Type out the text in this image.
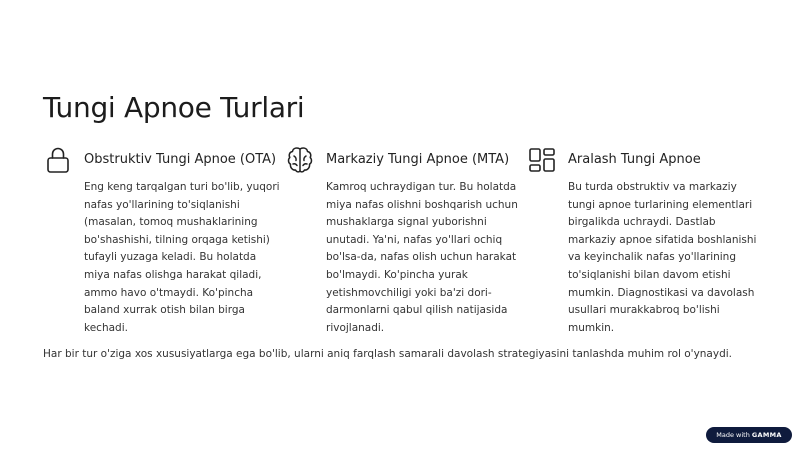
Tungi Apnoe Turlari
Obstruktiv Tungi Apnoe (OTA)
Eng keng tarqalgan turi bo'lib, yuqori nafas yo'llarining to'siqlanishi (masalan, tomoq mushaklarining bo'shashishi, tilning orqaga ketishi) tufayli yuzaga keladi. Bu holatda miya nafas olishga harakat qiladi, ammo havo o'tmaydi. Ko'pincha baland xurrak otish bilan birga kechadi.
Markaziy Tungi Apnoe (MTA)
Kamroq uchraydigan tur. Bu holatda miya nafas olishni boshqarish uchun mushaklarga signal yuborishni unutadi. Ya'ni, nafas yo'llari ochiq bo'lsa-da, nafas olish uchun harakat bo'lmaydi. Ko'pincha yurak yetishmovchiligi yoki ba'zi dori-darmonlarni qabul qilish natijasida rivojlanadi.
Aralash Tungi Apnoe
Bu turda obstruktiv va markaziy tungi apnoe turlarining elementlari birgalikda uchraydi. Dastlab markaziy apnoe sifatida boshlanishi va keyinchalik nafas yo'llarining to'siqlanishi bilan davom etishi mumkin. Diagnostikasi va davolash usullari murakkabroq bo'lishi mumkin.
Har bir tur o'ziga xos xususiyatlarga ega bo'lib, ularni aniq farqlash samarali davolash strategiyasini tanlashda muhim rol o'ynaydi.
Made with GAMMA
